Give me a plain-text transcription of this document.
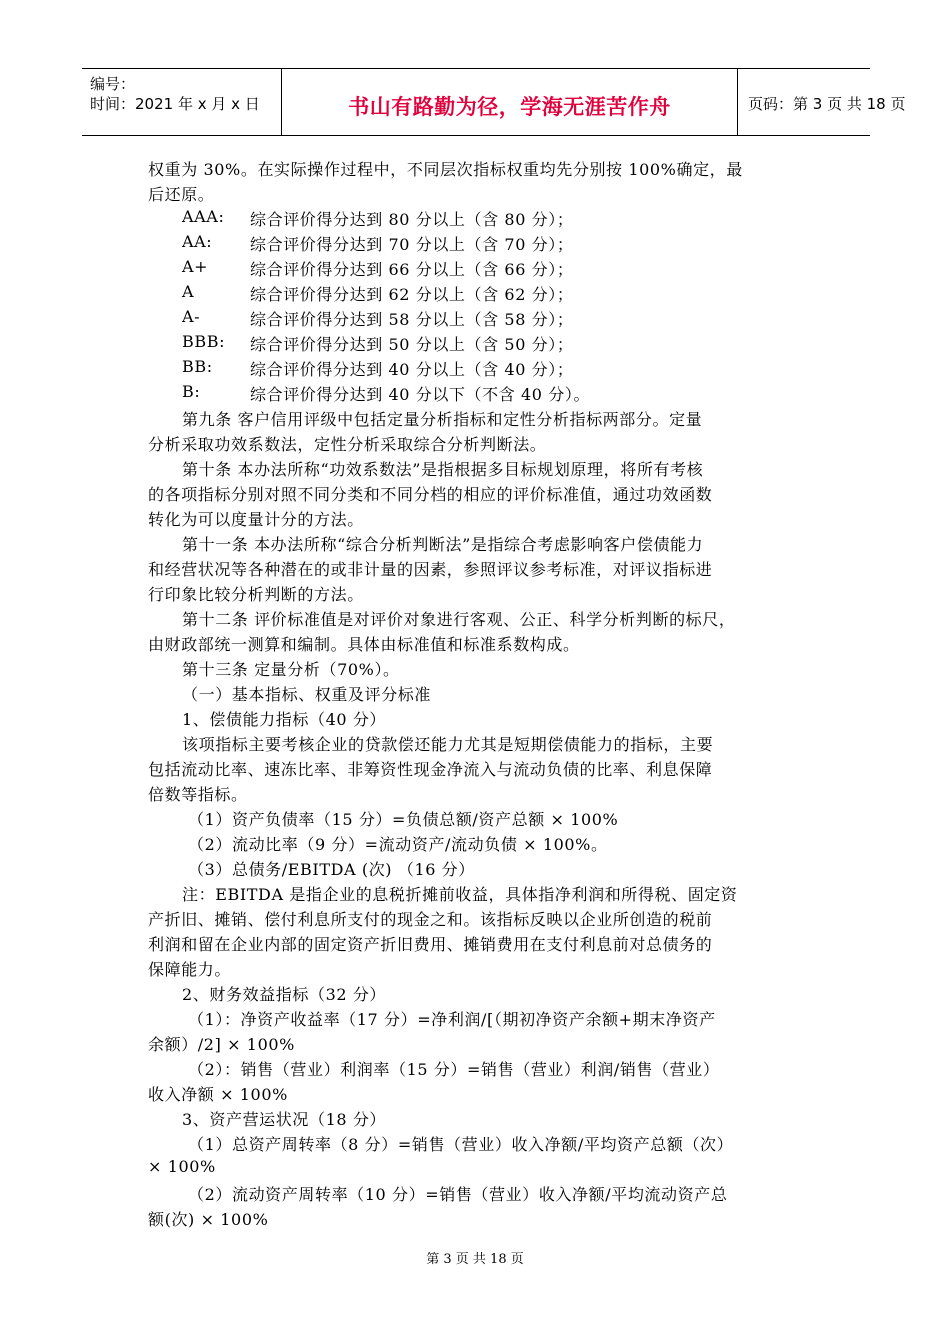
编号：
时间：2021 年 x 月 x 日	书山有路勤为径，学海无涯苦作舟	页码：第 3 页 共 18 页
权重为 30%。在实际操作过程中，不同层次指标权重均先分别按 100%确定，最
后还原。
AAA:	综合评价得分达到 80 分以上（含 80 分）；
AA:	综合评价得分达到 70 分以上（含 70 分）；
A+	综合评价得分达到 66 分以上（含 66 分）；
A	综合评价得分达到 62 分以上（含 62 分）；
A-	综合评价得分达到 58 分以上（含 58 分）；
BBB:	综合评价得分达到 50 分以上（含 50 分）；
BB:	综合评价得分达到 40 分以上（含 40 分）；
B:	综合评价得分达到 40 分以下（不含 40 分）。
第九条 客户信用评级中包括定量分析指标和定性分析指标两部分。定量
分析采取功效系数法，定性分析采取综合分析判断法。
第十条 本办法所称“功效系数法”是指根据多目标规划原理，将所有考核
的各项指标分别对照不同分类和不同分档的相应的评价标准值，通过功效函数
转化为可以度量计分的方法。
第十一条 本办法所称“综合分析判断法”是指综合考虑影响客户偿债能力
和经营状况等各种潜在的或非计量的因素，参照评议参考标准，对评议指标进
行印象比较分析判断的方法。
第十二条 评价标准值是对评价对象进行客观、公正、科学分析判断的标尺，
由财政部统一测算和编制。具体由标准值和标准系数构成。
第十三条 定量分析（70%）。
（一）基本指标、权重及评分标准
1、偿债能力指标（40 分）
该项指标主要考核企业的贷款偿还能力尤其是短期偿债能力的指标，主要
包括流动比率、速冻比率、非筹资性现金净流入与流动负债的比率、利息保障
倍数等指标。
（1）资产负债率（15 分）=负债总额/资产总额 × 100%
（2）流动比率（9 分）=流动资产/流动负债 × 100%。
（3）总债务/EBITDA (次) （16 分）
注：EBITDA 是指企业的息税折摊前收益，具体指净利润和所得税、固定资
产折旧、摊销、偿付利息所支付的现金之和。该指标反映以企业所创造的税前
利润和留在企业内部的固定资产折旧费用、摊销费用在支付利息前对总债务的
保障能力。
2、财务效益指标（32 分）
（1）：净资产收益率（17 分）=净利润/[（期初净资产余额+期末净资产
余额）/2] × 100%
（2）：销售（营业）利润率（15 分）=销售（营业）利润/销售（营业）
收入净额 × 100%
3、资产营运状况（18 分）
（1）总资产周转率（8 分）=销售（营业）收入净额/平均资产总额（次）
× 100%
（2）流动资产周转率（10 分）=销售（营业）收入净额/平均流动资产总
额(次) × 100%
第 3 页 共 18 页
